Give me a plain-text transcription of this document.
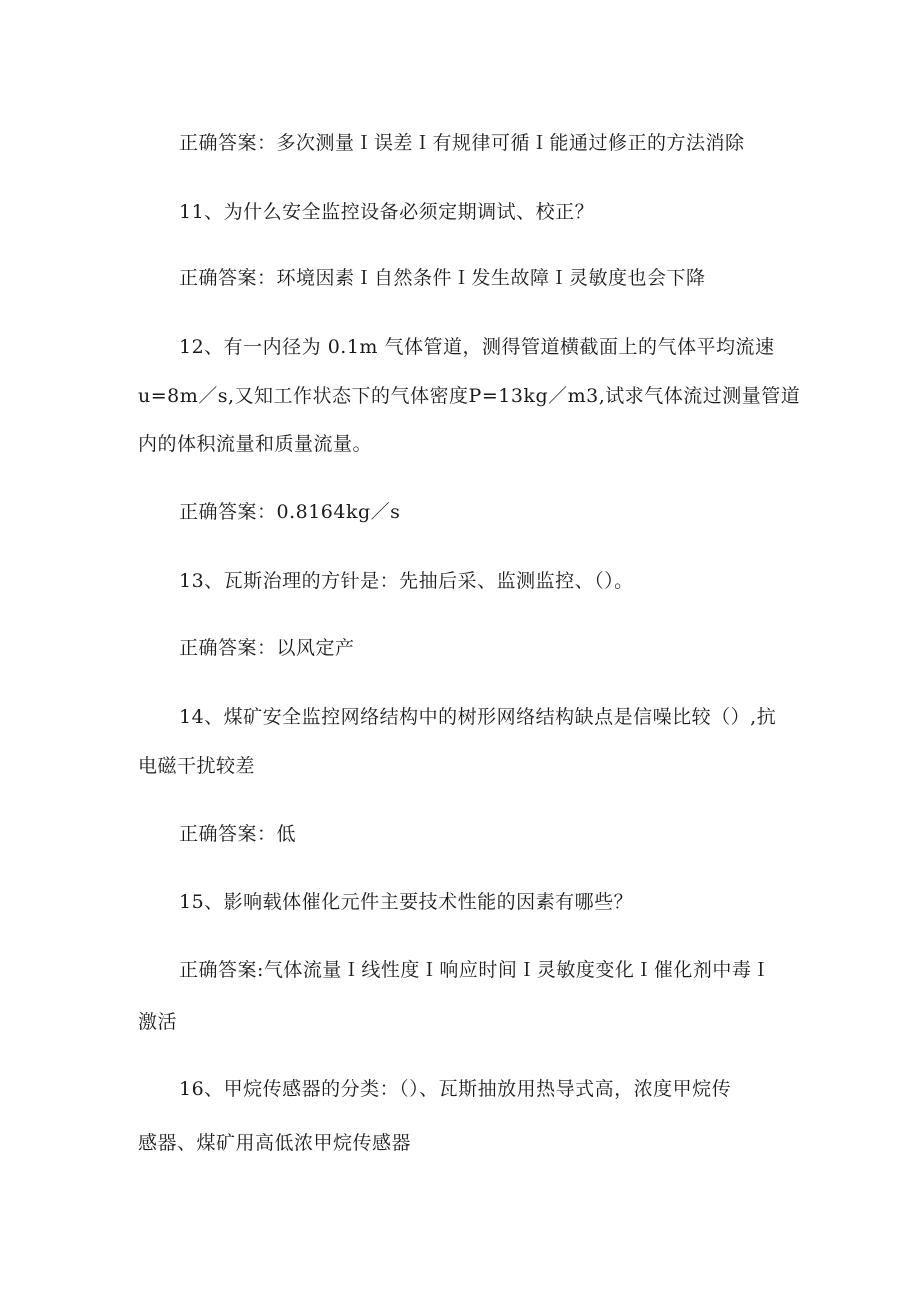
正确答案：多次测量Ｉ误差Ｉ有规律可循Ｉ能通过修正的方法消除
11、为什么安全监控设备必须定期调试、校正？
正确答案：环境因素Ｉ自然条件Ｉ发生故障Ｉ灵敏度也会下降
12、有一内径为 0.1m 气体管道，测得管道横截面上的气体平均流速
u=8m／s,又知工作状态下的气体密度P=13kg／m3,试求气体流过测量管道
内的体积流量和质量流量。
正确答案：0.8164kg／s
13、瓦斯治理的方针是：先抽后采、监测监控、（）。
正确答案：以风定产
14、煤矿安全监控网络结构中的树形网络结构缺点是信噪比较（）,抗
电磁干扰较差
正确答案：低
15、影响载体催化元件主要技术性能的因素有哪些？
正确答案:气体流量Ｉ线性度Ｉ响应时间Ｉ灵敏度变化Ｉ催化剂中毒Ｉ
激活
16、甲烷传感器的分类：（）、瓦斯抽放用热导式高，浓度甲烷传
感器、煤矿用高低浓甲烷传感器
